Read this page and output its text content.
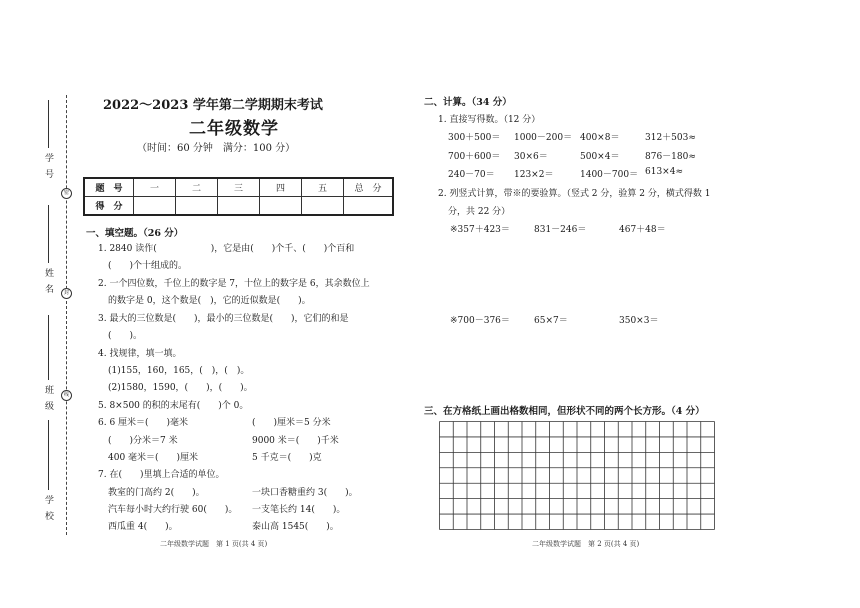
学 号
密
姓 名	封
班 级	线
学 校
2022～2023 学年第二学期期末考试
二年级数学
（时间：60 分钟　满分：100 分）
题　号	一	二	三	四	五	总　分
得　分						
一、填空题。（26 分）
1. 2840 读作(　　　　　　)，它是由(　　)个千、(　　)个百和
(　　)个十组成的。
2. 一个四位数，千位上的数字是 7，十位上的数字是 6，其余数位上
的数字是 0，这个数是(　)，它的近似数是(　　)。
3. 最大的三位数是(　　)，最小的三位数是(　　)，它们的和是
(　　)。
4. 找规律，填一填。
(1)155，160，165，(　)，(　)。
(2)1580，1590，(　　)，(　　)。
5. 8×500 的积的末尾有(　　)个 0。
6. 6 厘米＝(　　)毫米	(　　)厘米＝5 分米
(　　)分米＝7 米	9000 米＝(　　)千米
400 毫米＝(　　)厘米	5 千克＝(　　)克
7. 在(　　)里填上合适的单位。
教室的门高约 2(　　)。	一块口香糖重约 3(　　)。
汽车每小时大约行驶 60(　　)。 一支笔长约 14(　　)。
西瓜重 4(　　)。	泰山高 1545(　　)。
二年级数学试题　第 1 页(共 4 页)
二、计算。（34 分）
1. 直接写得数。（12 分）
300＋500＝ 1000－200＝ 400×8＝	312＋503≈
700＋600＝ 30×6＝	500×4＝	876－180≈
240－70＝ 123×2＝	1400－700＝ 613×4≈
2. 列竖式计算，带※的要验算。（竖式 2 分，验算 2 分，横式得数 1
分，共 22 分）
※357＋423＝	831－246＝	467＋48＝
※700－376＝	65×7＝	350×3＝
三、在方格纸上画出格数相同，但形状不同的两个长方形。（4 分）
二年级数学试题　第 2 页(共 4 页)
